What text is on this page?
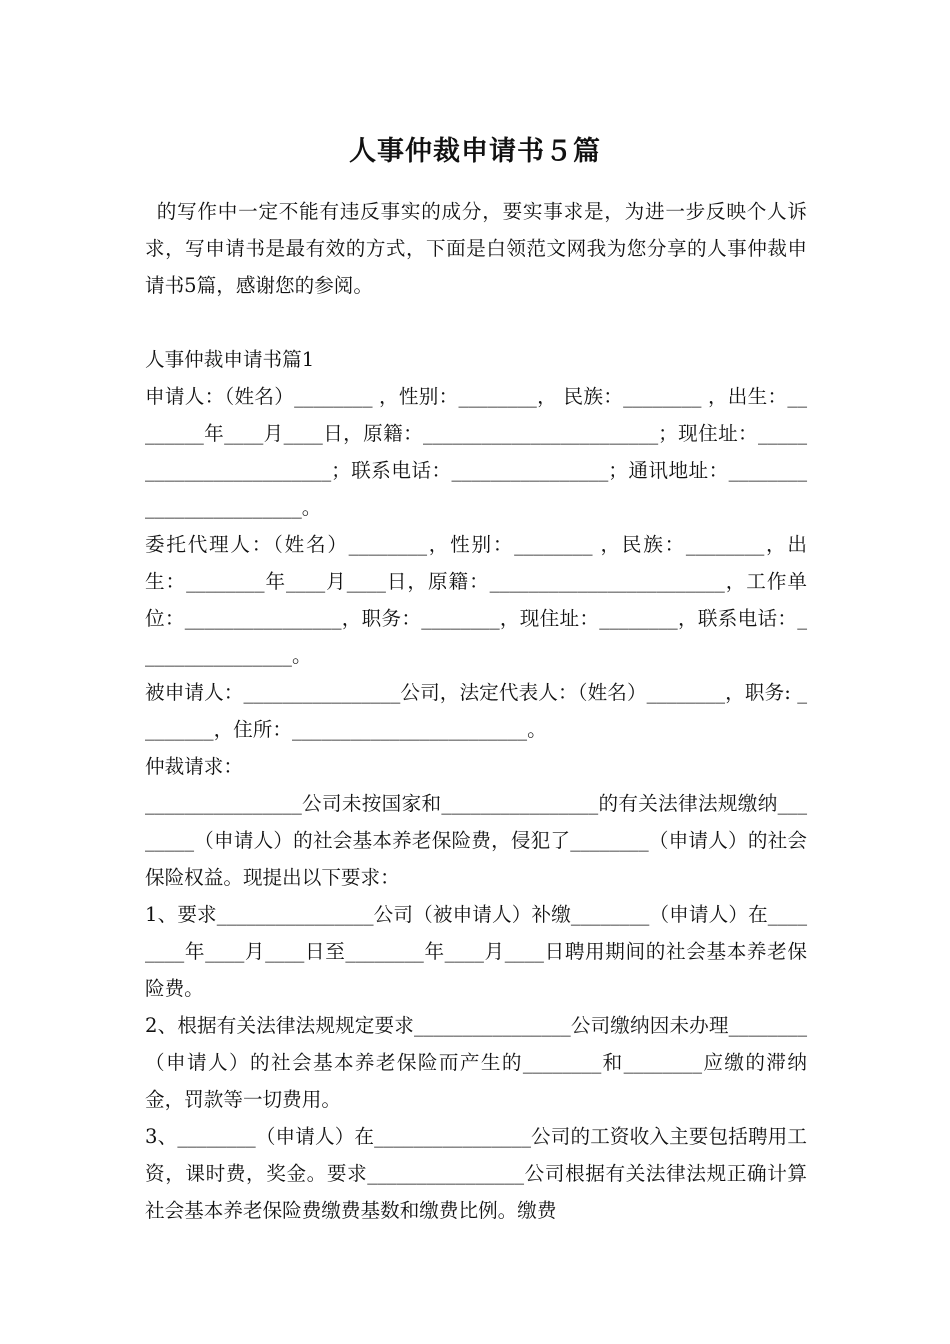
人事仲裁申请书５篇

的写作中一定不能有违反事实的成分，要实事求是，为进一步反映个人诉求，写申请书是最有效的方式，下面是白领范文网我为您分享的人事仲裁申请书5篇，感谢您的参阅。

人事仲裁申请书篇1

申请人：（姓名）________ ，性别：________， 民族：________ ，出生：________年____月____日，原籍：________________________；现住址：________________________；联系电话：________________；通讯地址：________________________。

委托代理人：（姓名）________，性别：________ ，民族：________，出生：________年____月____日，原籍：________________________，工作单位：________________，职务：________，现住址：________，联系电话：________________。

被申请人：________________公司，法定代表人：（姓名）________，职务: ________，住所：________________________。

仲裁请求：

________________公司未按国家和________________的有关法律法规缴纳________（申请人）的社会基本养老保险费，侵犯了________（申请人）的社会保险权益。现提出以下要求：

1、要求________________公司（被申请人）补缴________（申请人）在________年____月____日至________年____月____日聘用期间的社会基本养老保险费。

2、根据有关法律法规规定要求________________公司缴纳因未办理________（申请人）的社会基本养老保险而产生的________和________应缴的滞纳金，罚款等一切费用。

3、________（申请人）在________________公司的工资收入主要包括聘用工资，课时费，奖金。要求________________公司根据有关法律法规正确计算社会基本养老保险费缴费基数和缴费比例。缴费
